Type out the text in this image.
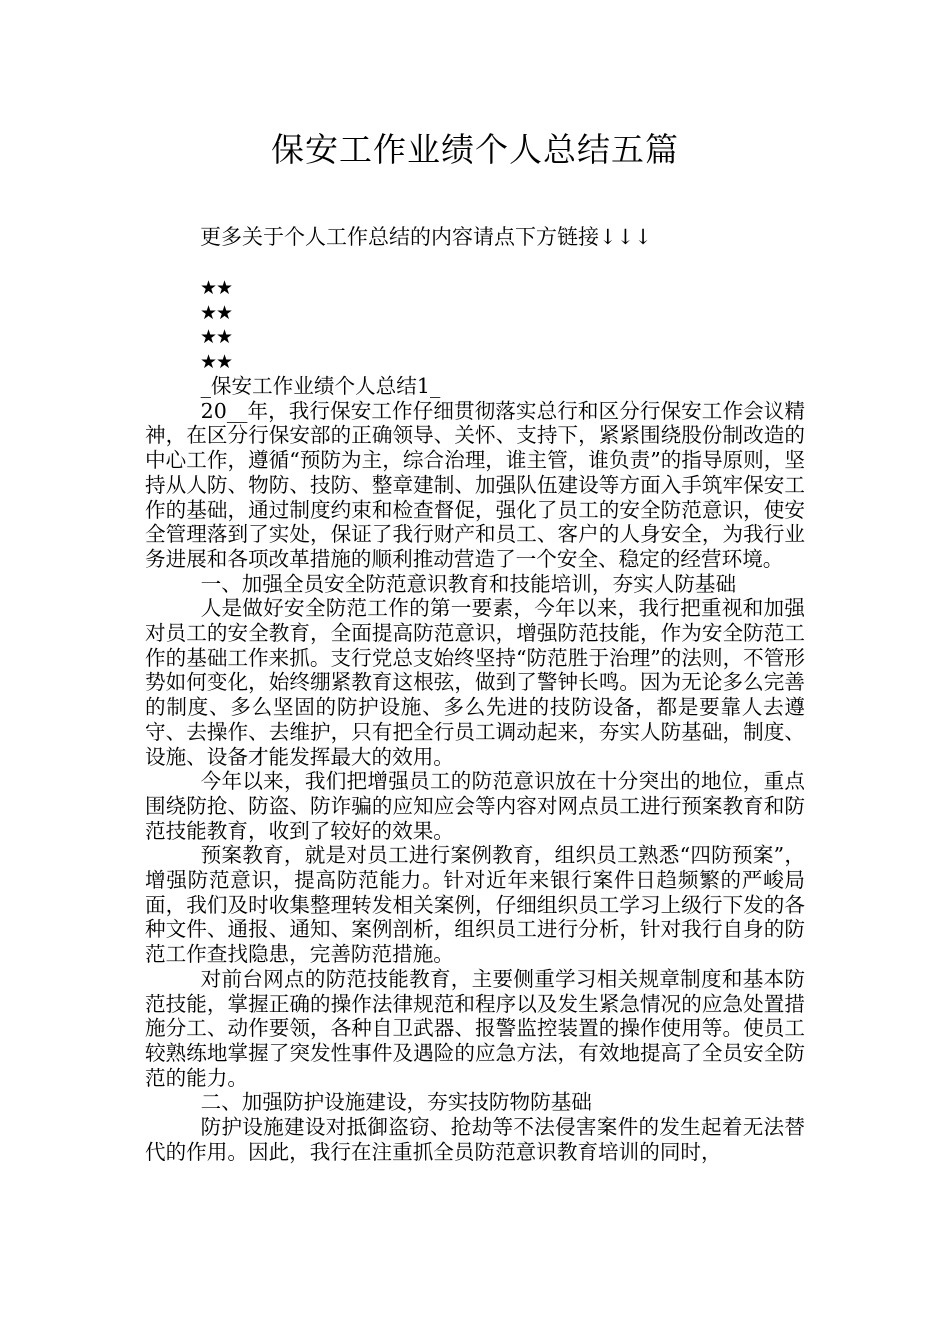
保安工作业绩个人总结五篇
更多关于个人工作总结的内容请点下方链接↓↓↓
★★
★★
★★
★★

_保安工作业绩个人总结1_

20__年，我行保安工作仔细贯彻落实总行和区分行保安工作会议精神，在区分行保安部的正确领导、关怀、支持下，紧紧围绕股份制改造的中心工作，遵循“预防为主，综合治理，谁主管，谁负责”的指导原则，坚持从人防、物防、技防、整章建制、加强队伍建设等方面入手筑牢保安工作的基础，通过制度约束和检查督促，强化了员工的安全防范意识，使安全管理落到了实处，保证了我行财产和员工、客户的人身安全，为我行业务进展和各项改革措施的顺利推动营造了一个安全、稳定的经营环境。

一、加强全员安全防范意识教育和技能培训，夯实人防基础

人是做好安全防范工作的第一要素，今年以来，我行把重视和加强对员工的安全教育，全面提高防范意识，增强防范技能，作为安全防范工作的基础工作来抓。支行党总支始终坚持“防范胜于治理”的法则，不管形势如何变化，始终绷紧教育这根弦，做到了警钟长鸣。因为无论多么完善的制度、多么坚固的防护设施、多么先进的技防设备，都是要靠人去遵守、去操作、去维护，只有把全行员工调动起来，夯实人防基础，制度、设施、设备才能发挥最大的效用。

今年以来，我们把增强员工的防范意识放在十分突出的地位，重点围绕防抢、防盗、防诈骗的应知应会等内容对网点员工进行预案教育和防范技能教育，收到了较好的效果。

预案教育，就是对员工进行案例教育，组织员工熟悉“四防预案”，增强防范意识，提高防范能力。针对近年来银行案件日趋频繁的严峻局面，我们及时收集整理转发相关案例，仔细组织员工学习上级行下发的各种文件、通报、通知、案例剖析，组织员工进行分析，针对我行自身的防范工作查找隐患，完善防范措施。

对前台网点的防范技能教育，主要侧重学习相关规章制度和基本防范技能，掌握正确的操作法律规范和程序以及发生紧急情况的应急处置措施分工、动作要领，各种自卫武器、报警监控装置的操作使用等。使员工较熟练地掌握了突发性事件及遇险的应急方法，有效地提高了全员安全防范的能力。

二、加强防护设施建设，夯实技防物防基础

防护设施建设对抵御盗窃、抢劫等不法侵害案件的发生起着无法替代的作用。因此，我行在注重抓全员防范意识教育培训的同时，
